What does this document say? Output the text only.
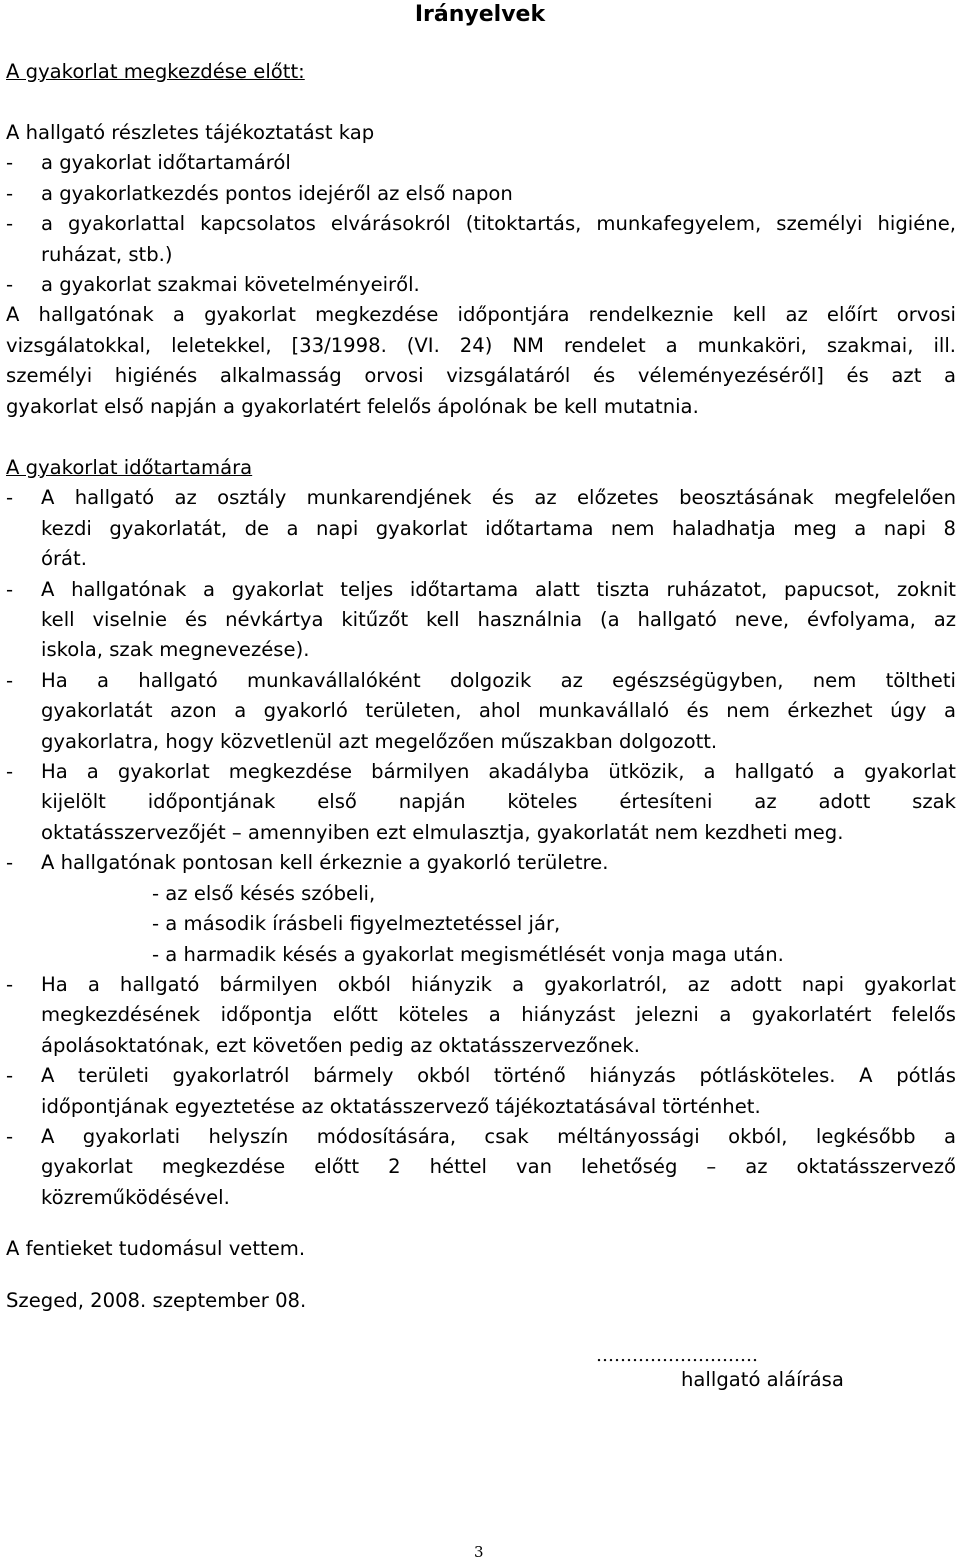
Irányelvek
A gyakorlat megkezdése előtt:
A hallgató részletes tájékoztatást kap
-	a gyakorlat időtartamáról
-	a gyakorlatkezdés pontos idejéről az első napon
-	a gyakorlattal kapcsolatos elvárásokról (titoktartás, munkafegyelem, személyi higiéne, ruházat, stb.)
-	a gyakorlat szakmai követelményeiről.
A hallgatónak a gyakorlat megkezdése időpontjára rendelkeznie kell az előírt orvosi
vizsgálatokkal, leletekkel, [33/1998. (VI. 24) NM rendelet a munkaköri, szakmai, ill.
személyi higiénés alkalmasság orvosi vizsgálatáról és véleményezéséről] és azt a
gyakorlat első napján a gyakorlatért felelős ápolónak be kell mutatnia.
A gyakorlat időtartamára
-	A hallgató az osztály munkarendjének és az előzetes beosztásának megfelelően
kezdi gyakorlatát, de a napi gyakorlat időtartama nem haladhatja meg a napi 8
órát.
-	A hallgatónak a gyakorlat teljes időtartama alatt tiszta ruházatot, papucsot, zoknit
kell viselnie és névkártya kitűzőt kell használnia (a hallgató neve, évfolyama, az
iskola, szak megnevezése).
-	Ha a hallgató munkavállalóként dolgozik az egészségügyben, nem töltheti
gyakorlatát azon a gyakorló területen, ahol munkavállaló és nem érkezhet úgy a
gyakorlatra, hogy közvetlenül azt megelőzően műszakban dolgozott.
-	Ha a gyakorlat megkezdése bármilyen akadályba ütközik, a hallgató a gyakorlat
kijelölt időpontjának első napján köteles értesíteni az adott szak
oktatásszervezőjét – amennyiben ezt elmulasztja, gyakorlatát nem kezdheti meg.
-	A hallgatónak pontosan kell érkeznie a gyakorló területre.
- az első késés szóbeli,
- a második írásbeli figyelmeztetéssel jár,
- a harmadik késés a gyakorlat megismétlését vonja maga után.
-	Ha a hallgató bármilyen okból hiányzik a gyakorlatról, az adott napi gyakorlat
megkezdésének időpontja előtt köteles a hiányzást jelezni a gyakorlatért felelős
ápolásoktatónak, ezt követően pedig az oktatásszervezőnek.
-	A területi gyakorlatról bármely okból történő hiányzás pótlásköteles. A pótlás
időpontjának egyeztetése az oktatásszervező tájékoztatásával történhet.
-	A gyakorlati helyszín módosítására, csak méltányossági okból, legkésőbb a
gyakorlat megkezdése előtt 2 héttel van lehetőség – az oktatásszervező
közreműködésével.
A fentieket tudomásul vettem.
Szeged, 2008. szeptember 08.
………………………
hallgató aláírása
3
